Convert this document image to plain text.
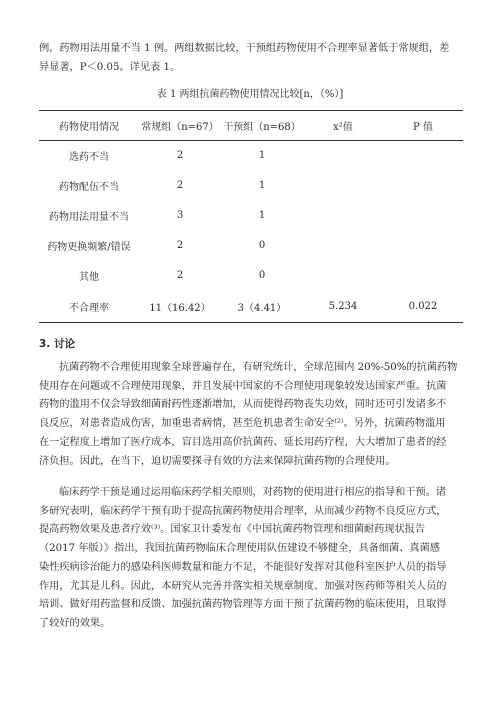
例，药物用法用量不当 1 例。两组数据比较，干预组药物使用不合理率显著低于常规组，差
异显著，P＜0.05。详见表 1。

表 1 两组抗菌药物使用情况比较[n，（%）]
药物使用情况	常规组（n=67）	干预组（n=68）	x²值	P 值
选药不当	2	1		
药物配伍不当	2	1		
药物用法用量不当	3	1		
药物更换频繁/错误	2	0		
其他	2	0		
不合理率	11（16.42）	3（4.41）	5.234	0.022
3. 讨论

抗菌药物不合理使用现象全球普遍存在，有研究统计，全球范围内 20%-50%的抗菌药物
使用存在问题或不合理使用现象，并且发展中国家的不合理使用现象较发达国家严重。抗菌
药物的滥用不仅会导致细菌耐药性逐渐增加，从而使得药物丧失功效，同时还可引发诸多不
良反应，对患者造成伤害，加重患者病情，甚至危机患者生命安全⁽²⁾。另外，抗菌药物滥用
在一定程度上增加了医疗成本，盲目选用高价抗菌药、延长用药疗程，大大增加了患者的经
济负担。因此，在当下，迫切需要探寻有效的方法来保障抗菌药物的合理使用。

临床药学干预是通过运用临床药学相关原则，对药物的使用进行相应的指导和干预。诸
多研究表明，临床药学干预有助于提高抗菌药物使用合理率，从而减少药物不良反应方式，
提高药物效果及患者疗效⁽³⁾。国家卫计委发布《中国抗菌药物管理和细菌耐药现状报告
（2017 年版）》指出，我国抗菌药物临床合理使用队伍建设不够健全，具备细菌、真菌感
染性疾病诊治能力的感染科医师数量和能力不足，不能很好发挥对其他科室医护人员的指导
作用，尤其是儿科。因此，本研究从完善并落实相关规章制度、加强对医药师等相关人员的
培训、做好用药监督和反馈、加强抗菌药物管理等方面干预了抗菌药物的临床使用，且取得
了较好的效果。
